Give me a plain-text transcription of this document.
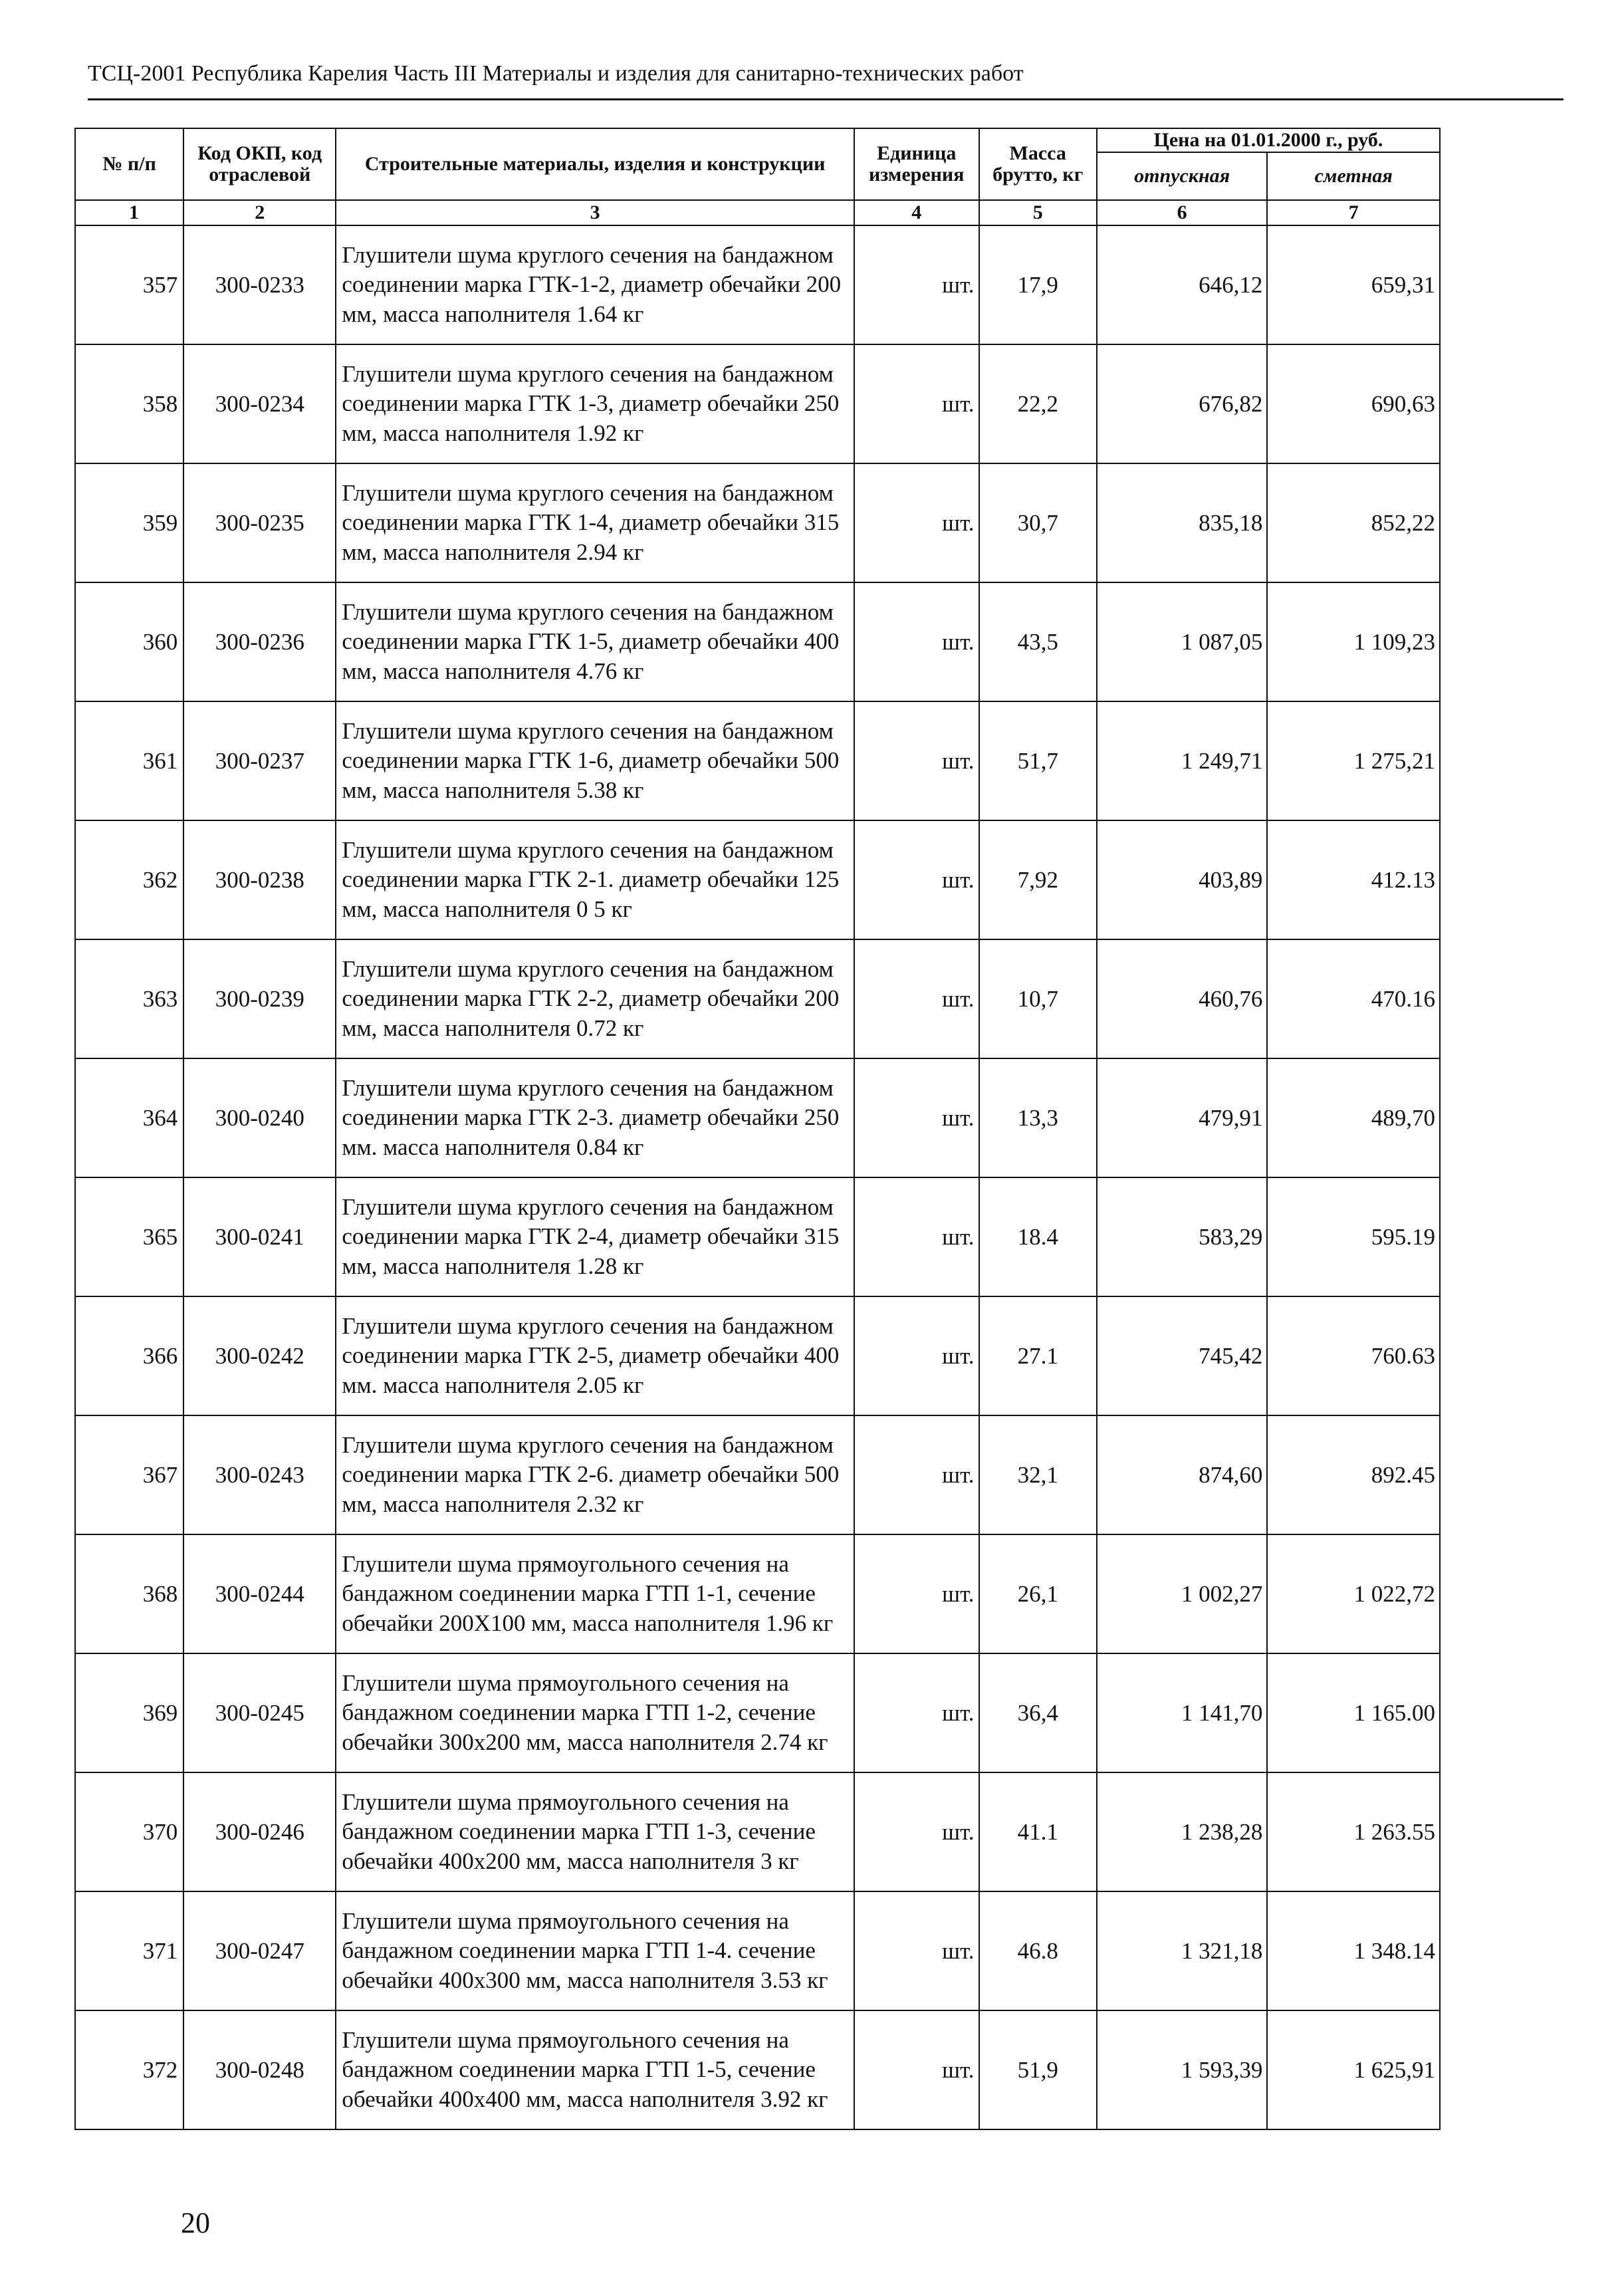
ТСЦ-2001 Республика Карелия Часть III Материалы и изделия для санитарно-технических работ
№ п/п	Код ОКП, код отраслевой	Строительные материалы, изделия и конструкции	Единица измерения	Масса брутто, кг	Цена на 01.01.2000 г., руб.	
					отпускная	сметная
1	2	3	4	5	6	7
357	300-0233	Глушители шума круглого сечения на бандажном соединении марка ГТК-1-2, диаметр обечайки 200 мм, масса наполнителя 1.64 кг	шт.	17,9	646,12	659,31
358	300-0234	Глушители шума круглого сечения на бандажном соединении марка ГТК 1-3, диаметр обечайки 250 мм, масса наполнителя 1.92 кг	шт.	22,2	676,82	690,63
359	300-0235	Глушители шума круглого сечения на бандажном соединении марка ГТК 1-4, диаметр обечайки 315 мм, масса наполнителя 2.94 кг	шт.	30,7	835,18	852,22
360	300-0236	Глушители шума круглого сечения на бандажном соединении марка ГТК 1-5, диаметр обечайки 400 мм, масса наполнителя 4.76 кг	шт.	43,5	1 087,05	1 109,23
361	300-0237	Глушители шума круглого сечения на бандажном соединении марка ГТК 1-6, диаметр обечайки 500 мм, масса наполнителя 5.38 кг	шт.	51,7	1 249,71	1 275,21
362	300-0238	Глушители шума круглого сечения на бандажном соединении марка ГТК 2-1. диаметр обечайки 125 мм, масса наполнителя 0 5 кг	шт.	7,92	403,89	412.13
363	300-0239	Глушители шума круглого сечения на бандажном соединении марка ГТК 2-2, диаметр обечайки 200 мм, масса наполнителя 0.72 кг	шт.	10,7	460,76	470.16
364	300-0240	Глушители шума круглого сечения на бандажном соединении марка ГТК 2-3. диаметр обечайки 250 мм. масса наполнителя 0.84 кг	шт.	13,3	479,91	489,70
365	300-0241	Глушители шума круглого сечения на бандажном соединении марка ГТК 2-4, диаметр обечайки 315 мм, масса наполнителя 1.28 кг	шт.	18.4	583,29	595.19
366	300-0242	Глушители шума круглого сечения на бандажном соединении марка ГТК 2-5, диаметр обечайки 400 мм. масса наполнителя 2.05 кг	шт.	27.1	745,42	760.63
367	300-0243	Глушители шума круглого сечения на бандажном соединении марка ГТК 2-6. диаметр обечайки 500 мм, масса наполнителя 2.32 кг	шт.	32,1	874,60	892.45
368	300-0244	Глушители шума прямоугольного сечения на бандажном соединении марка ГТП 1-1, сечение обечайки 200Х100 мм, масса наполнителя 1.96 кг	шт.	26,1	1 002,27	1 022,72
369	300-0245	Глушители шума прямоугольного сечения на бандажном соединении марка ГТП 1-2, сечение обечайки 300х200 мм, масса наполнителя 2.74 кг	шт.	36,4	1 141,70	1 165.00
370	300-0246	Глушители шума прямоугольного сечения на бандажном соединении марка ГТП 1-3, сечение обечайки 400х200 мм, масса наполнителя 3 кг	шт.	41.1	1 238,28	1 263.55
371	300-0247	Глушители шума прямоугольного сечения на бандажном соединении марка ГТП 1-4. сечение обечайки 400х300 мм, масса наполнителя 3.53 кг	шт.	46.8	1 321,18	1 348.14
372	300-0248	Глушители шума прямоугольного сечения на бандажном соединении марка ГТП 1-5, сечение обечайки 400х400 мм, масса наполнителя 3.92 кг	шт.	51,9	1 593,39	1 625,91
20
